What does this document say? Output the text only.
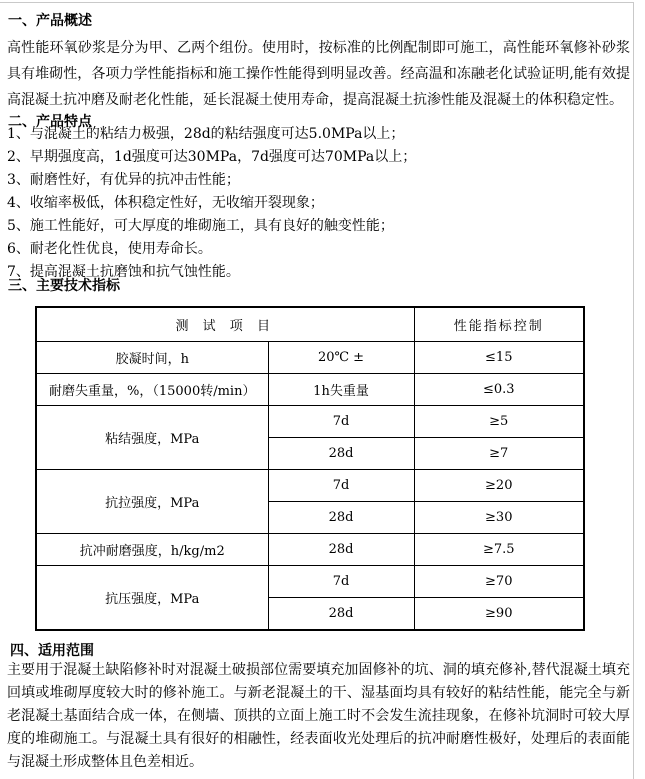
一、产品概述
高性能环氧砂浆是分为甲、乙两个组份。使用时，按标准的比例配制即可施工，高性能环氧修补砂浆具有堆砌性，各项力学性能指标和施工操作性能得到明显改善。经高温和冻融老化试验证明,能有效提高混凝土抗冲磨及耐老化性能，延长混凝土使用寿命，提高混凝土抗渗性能及混凝土的体积稳定性。
二、产品特点
1、与混凝土的粘结力极强，28d的粘结强度可达5.0MPa以上；
2、早期强度高，1d强度可达30MPa，7d强度可达70MPa以上；
3、耐磨性好，有优异的抗冲击性能；
4、收缩率极低，体积稳定性好，无收缩开裂现象；
5、施工性能好，可大厚度的堆砌施工，具有良好的触变性能；
6、耐老化性优良，使用寿命长。
7、提高混凝土抗磨蚀和抗气蚀性能。
三、主要技术指标
测 试 项 目		性能指标控制
胶凝时间，h	20℃ ±	≤15
耐磨失重量，%，（15000转/min）	1h失重量	≤0.3
粘结强度，MPa	7d	≥5
	28d	≥7
抗拉强度，MPa	7d	≥20
	28d	≥30
抗冲耐磨强度，h/kg/m2	28d	≥7.5
抗压强度，MPa	7d	≥70
	28d	≥90
四、适用范围
主要用于混凝土缺陷修补时对混凝土破损部位需要填充加固修补的坑、洞的填充修补,替代混凝土填充回填或堆砌厚度较大时的修补施工。与新老混凝土的干、湿基面均具有较好的粘结性能，能完全与新老混凝土基面结合成一体，在侧墙、顶拱的立面上施工时不会发生流挂现象，在修补坑洞时可较大厚度的堆砌施工。与混凝土具有很好的相融性，经表面收光处理后的抗冲耐磨性极好，处理后的表面能与混凝土形成整体且色差相近。
